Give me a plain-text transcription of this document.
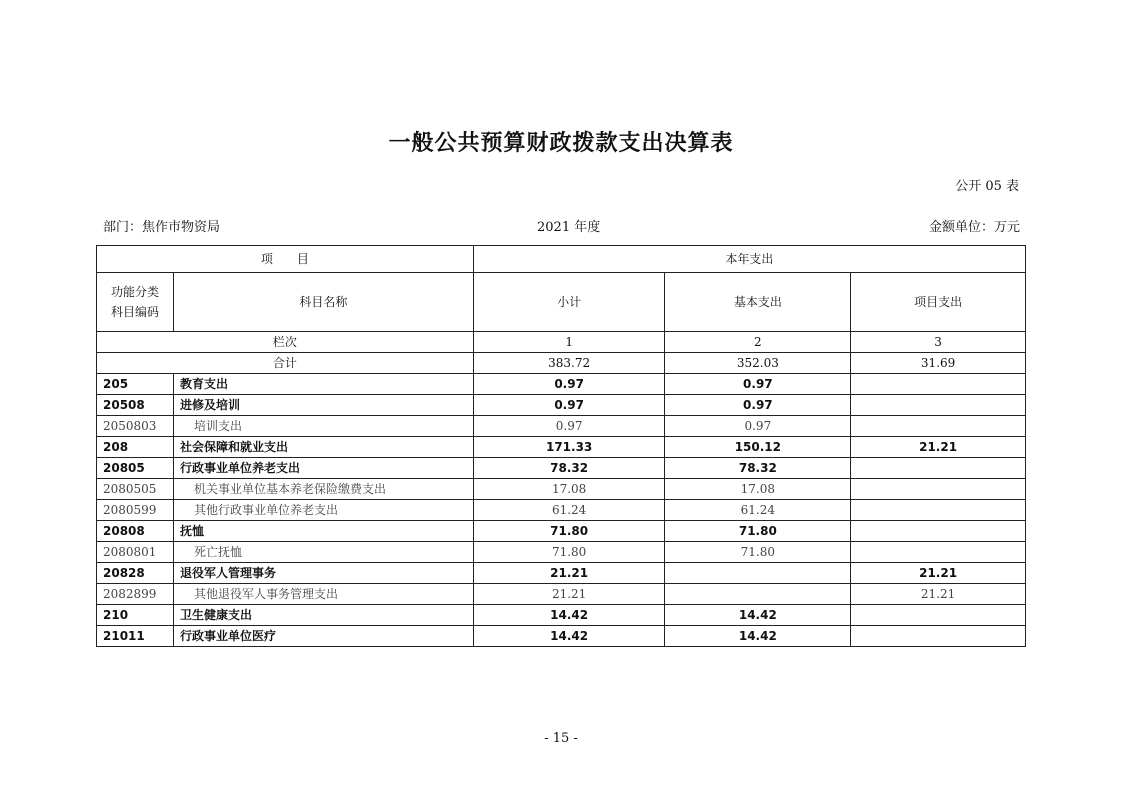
一般公共预算财政拨款支出决算表
公开 05 表
部门：焦作市物资局	2021 年度	金额单位：万元
项　　目		本年支出		

功能分类
科目编码	科目名称	小计	基本支出	项目支出
栏次		1	2	3
合计		383.72	352.03	31.69
205	教育支出	0.97	0.97	
20508	进修及培训	0.97	0.97	
2050803	培训支出	0.97	0.97	
208	社会保障和就业支出	171.33	150.12	21.21
20805	行政事业单位养老支出	78.32	78.32	
2080505	机关事业单位基本养老保险缴费支出	17.08	17.08	
2080599	其他行政事业单位养老支出	61.24	61.24	
20808	抚恤	71.80	71.80	
2080801	死亡抚恤	71.80	71.80	
20828	退役军人管理事务	21.21		21.21
2082899	其他退役军人事务管理支出	21.21		21.21
210	卫生健康支出	14.42	14.42	
21011	行政事业单位医疗	14.42	14.42	
- 15 -
